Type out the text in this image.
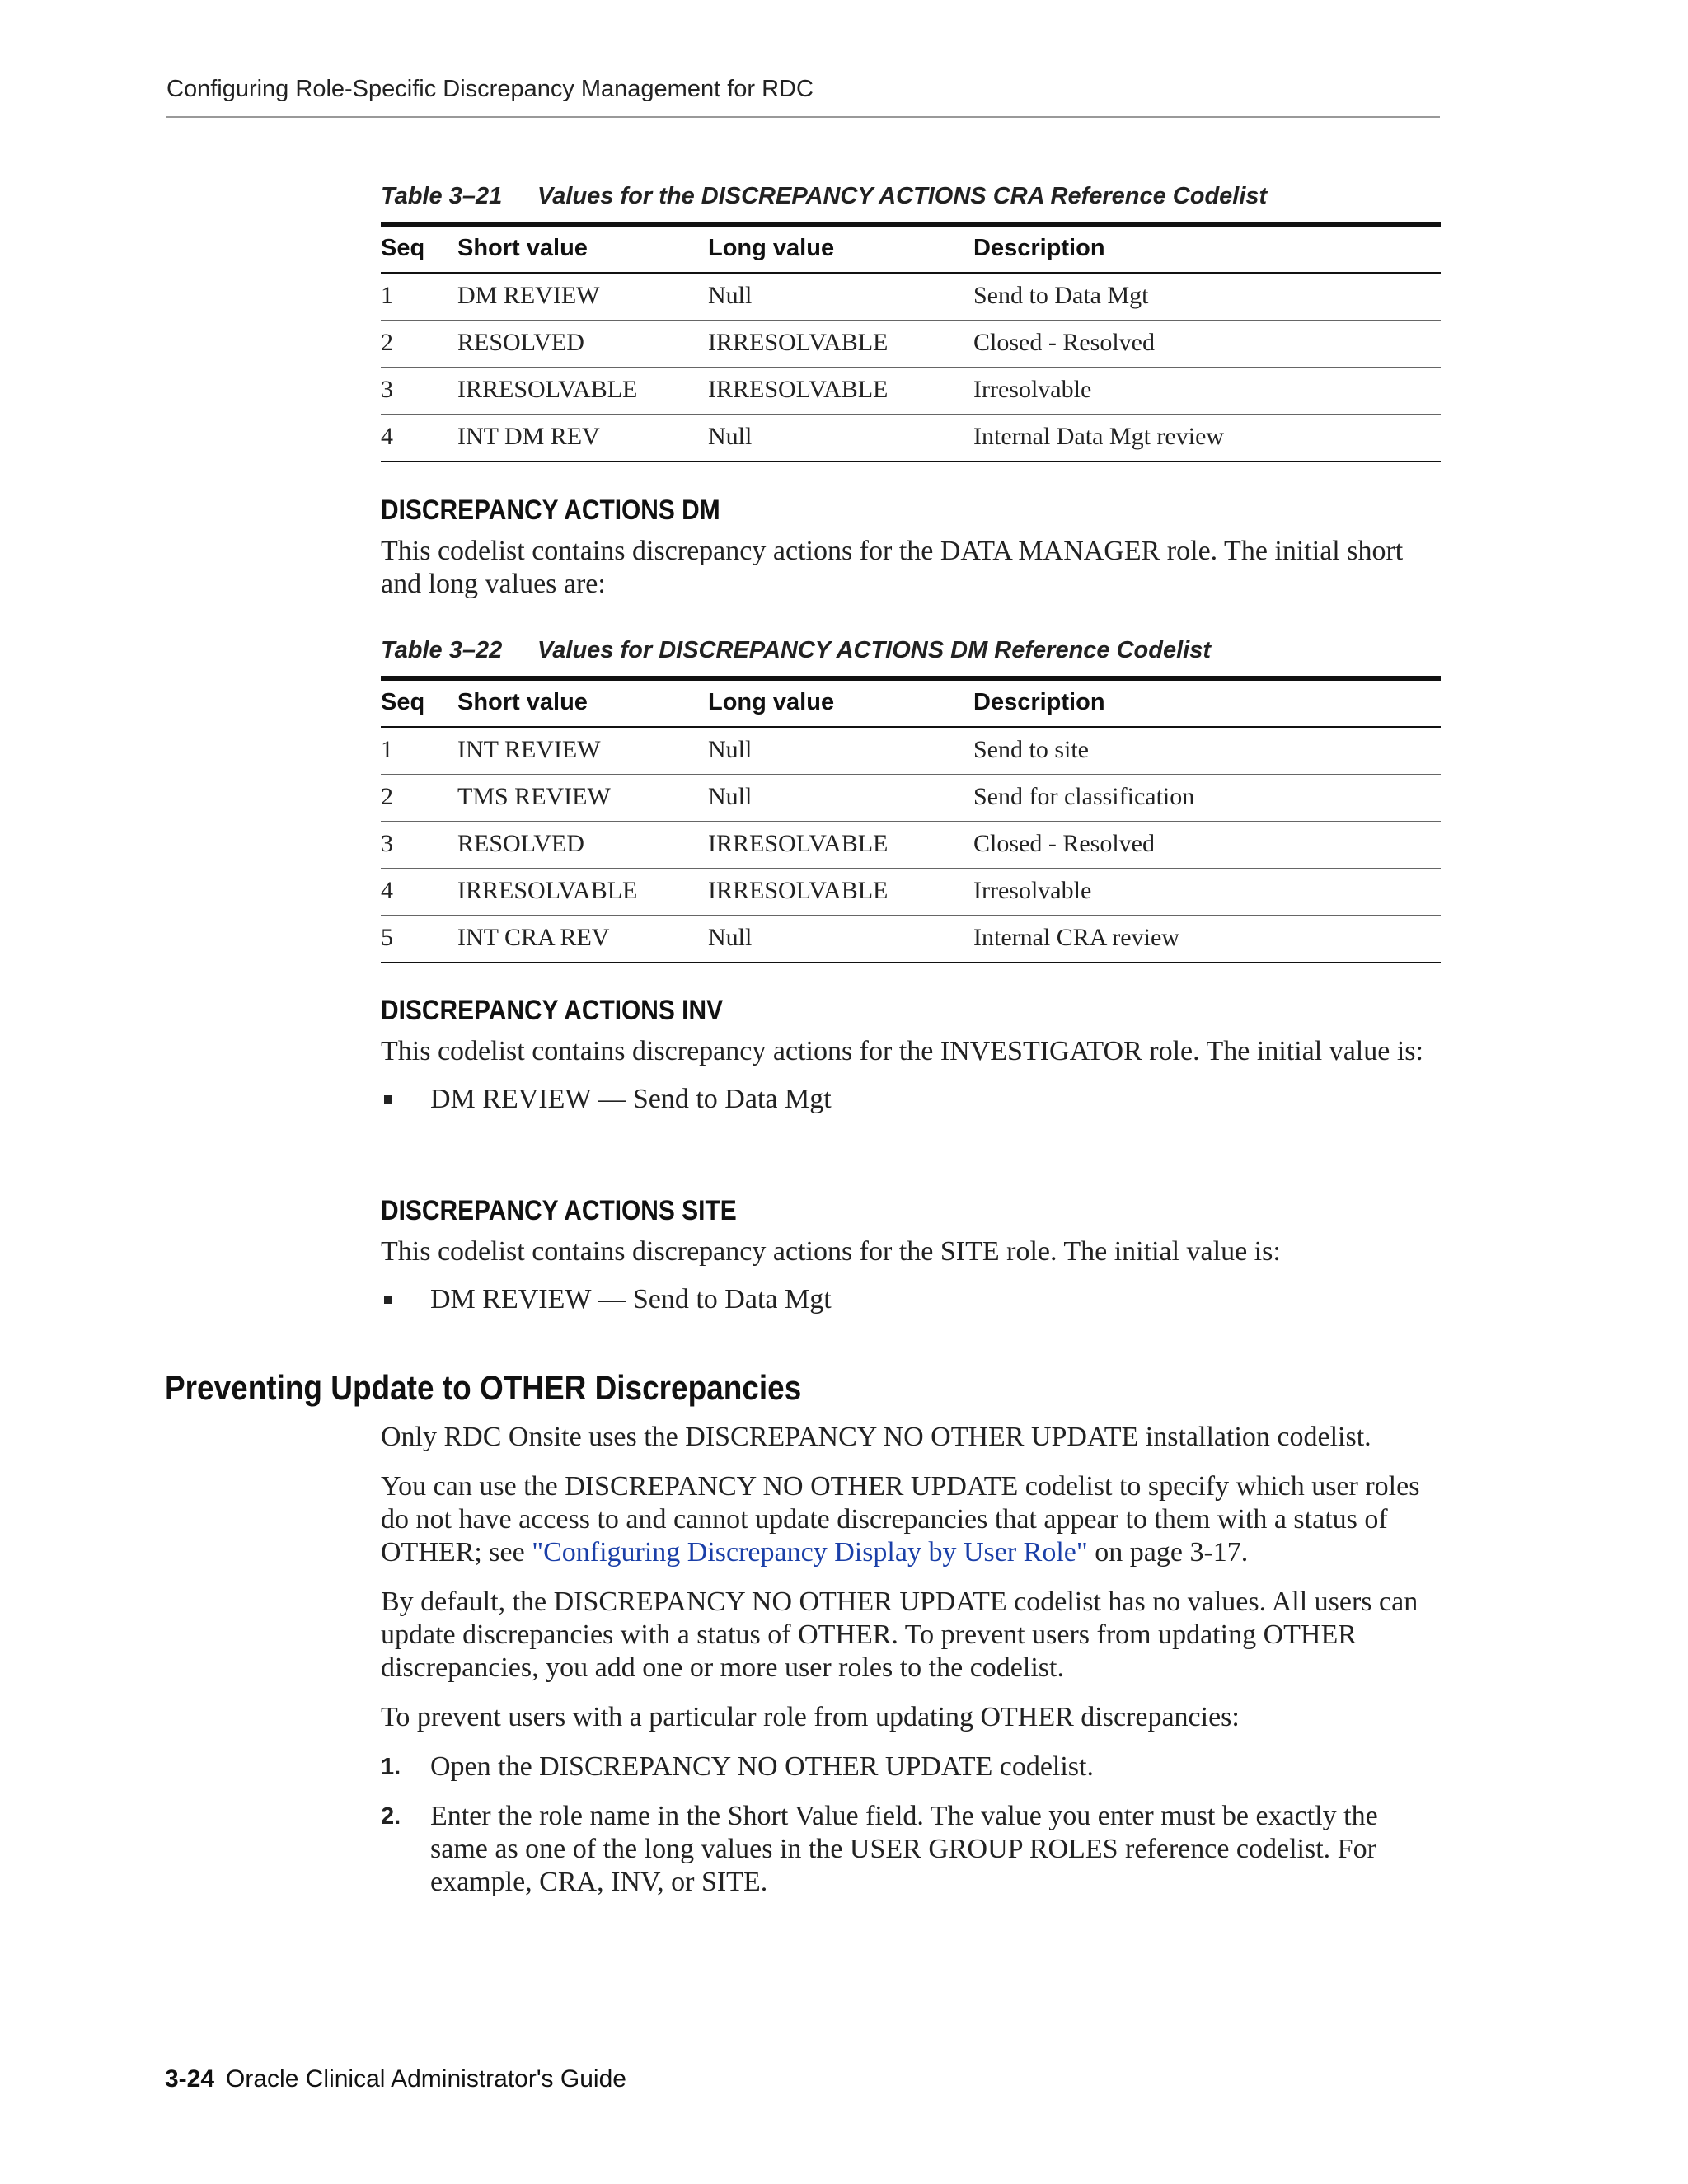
Configuring Role-Specific Discrepancy Management for RDC
Table 3–21 Values for the DISCREPANCY ACTIONS CRA Reference Codelist
Seq	Short value	Long value	Description
1	DM REVIEW	Null	Send to Data Mgt
2	RESOLVED	IRRESOLVABLE	Closed - Resolved
3	IRRESOLVABLE	IRRESOLVABLE	Irresolvable
4	INT DM REV	Null	Internal Data Mgt review
DISCREPANCY ACTIONS DM
This codelist contains discrepancy actions for the DATA MANAGER role. The initial short and long values are:
Table 3–22 Values for DISCREPANCY ACTIONS DM Reference Codelist
Seq	Short value	Long value	Description
1	INT REVIEW	Null	Send to site
2	TMS REVIEW	Null	Send for classification
3	RESOLVED	IRRESOLVABLE	Closed - Resolved
4	IRRESOLVABLE	IRRESOLVABLE	Irresolvable
5	INT CRA REV	Null	Internal CRA review
DISCREPANCY ACTIONS INV
This codelist contains discrepancy actions for the INVESTIGATOR role. The initial value is:
DM REVIEW — Send to Data Mgt
DISCREPANCY ACTIONS SITE
This codelist contains discrepancy actions for the SITE role. The initial value is:
DM REVIEW — Send to Data Mgt
Preventing Update to OTHER Discrepancies
Only RDC Onsite uses the DISCREPANCY NO OTHER UPDATE installation codelist.
You can use the DISCREPANCY NO OTHER UPDATE codelist to specify which user roles do not have access to and cannot update discrepancies that appear to them with a status of OTHER; see "Configuring Discrepancy Display by User Role" on page 3-17.
By default, the DISCREPANCY NO OTHER UPDATE codelist has no values. All users can update discrepancies with a status of OTHER. To prevent users from updating OTHER discrepancies, you add one or more user roles to the codelist.
To prevent users with a particular role from updating OTHER discrepancies:
1. Open the DISCREPANCY NO OTHER UPDATE codelist.
2. Enter the role name in the Short Value field. The value you enter must be exactly the same as one of the long values in the USER GROUP ROLES reference codelist. For example, CRA, INV, or SITE.
3-24 Oracle Clinical Administrator's Guide
